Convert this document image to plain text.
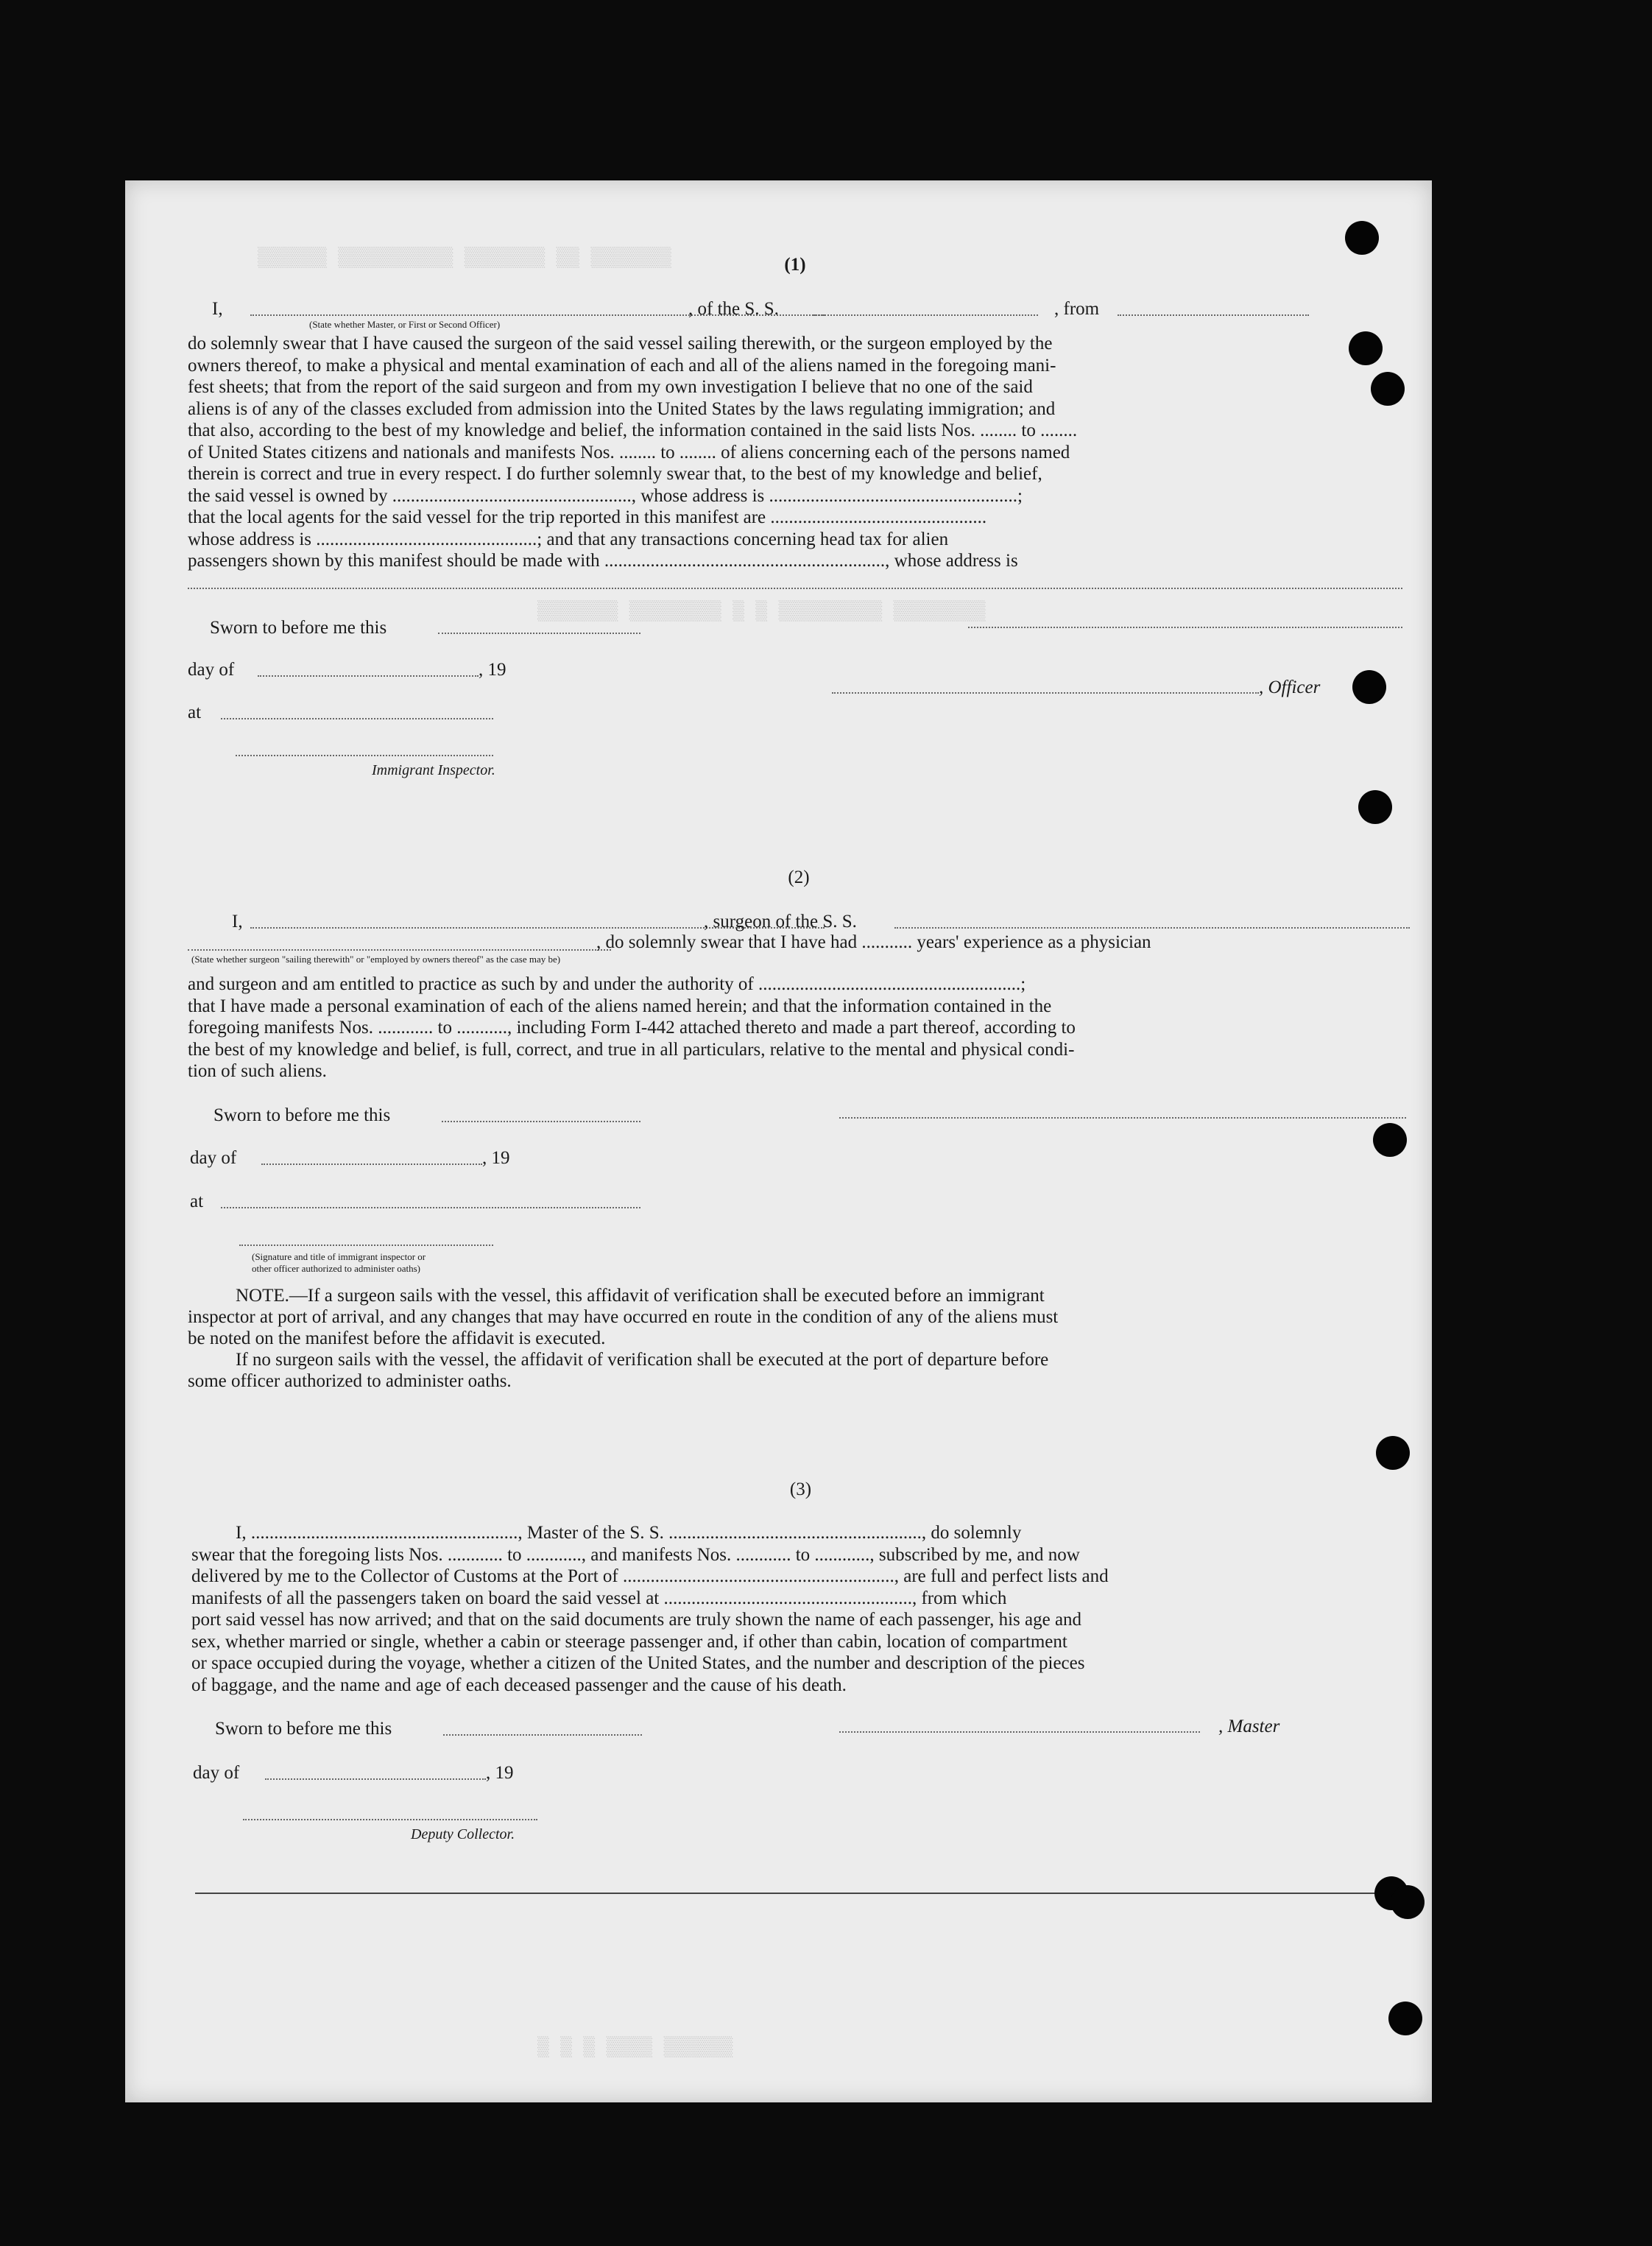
▒▒▒▒▒▒▒ ▒▒ ▒▒▒▒▒▒▒ ▒▒▒▒▒▒▒▒▒▒ ▒▒▒▒▒▒
▒▒▒▒▒▒▒▒ ▒▒▒▒▒▒▒▒▒ ▒ ▒ ▒▒▒▒▒▒▒▒ ▒▒▒▒▒▒▒
▒▒▒▒▒▒ ▒▒▒▒ ▒ ▒ ▒
(1)
I,	, of the S. S.	, from
(State whether Master, or First or Second Officer)

do solemnly swear that I have caused the surgeon of the said vessel sailing therewith, or the surgeon employed by the

owners thereof, to make a physical and mental examination of each and all of the aliens named in the foregoing mani-

fest sheets; that from the report of the said surgeon and from my own investigation I believe that no one of the said

aliens is of any of the classes excluded from admission into the United States by the laws regulating immigration; and

that also, according to the best of my knowledge and belief, the information contained in the said lists Nos. ........ to ........

of United States citizens and nationals and manifests Nos. ........ to ........ of aliens concerning each of the persons named

therein is correct and true in every respect. I do further solemnly swear that, to the best of my knowledge and belief,

the said vessel is owned by ...................................................., whose address is ......................................................;

that the local agents for the said vessel for the trip reported in this manifest are ...............................................

whose address is ................................................; and that any transactions concerning head tax for alien

passengers shown by this manifest should be made with ............................................................., whose address is

Sworn to before me this
day of	, 19
, Officer
at
Immigrant Inspector.
(2)
I,	, surgeon of the S. S.
, do solemnly swear that I have had ........... years' experience as a physician
(State whether surgeon "sailing therewith" or "employed by owners thereof" as the case may be)

and surgeon and am entitled to practice as such by and under the authority of .........................................................;

that I have made a personal examination of each of the aliens named herein; and that the information contained in the

foregoing manifests Nos. ............ to ..........., including Form I-442 attached thereto and made a part thereof, according to

the best of my knowledge and belief, is full, correct, and true in all particulars, relative to the mental and physical condi-

tion of such aliens.

Sworn to before me this
day of	, 19
at
(Signature and title of immigrant inspector or
other officer authorized to administer oaths)
NOTE.—If a surgeon sails with the vessel, this affidavit of verification shall be executed before an immigrant
inspector at port of arrival, and any changes that may have occurred en route in the condition of any of the aliens must
be noted on the manifest before the affidavit is executed.
If no surgeon sails with the vessel, the affidavit of verification shall be executed at the port of departure before
some officer authorized to administer oaths.
(3)

I, .........................................................., Master of the S. S. ......................................................., do solemnly

swear that the foregoing lists Nos. ............ to ............, and manifests Nos. ............ to ............, subscribed by me, and now

delivered by me to the Collector of Customs at the Port of ..........................................................., are full and perfect lists and

manifests of all the passengers taken on board the said vessel at ......................................................, from which

port said vessel has now arrived; and that on the said documents are truly shown the name of each passenger, his age and

sex, whether married or single, whether a cabin or steerage passenger and, if other than cabin, location of compartment

or space occupied during the voyage, whether a citizen of the United States, and the number and description of the pieces

of baggage, and the name and age of each deceased passenger and the cause of his death.

Sworn to before me this	, Master
day of	, 19
Deputy Collector.
